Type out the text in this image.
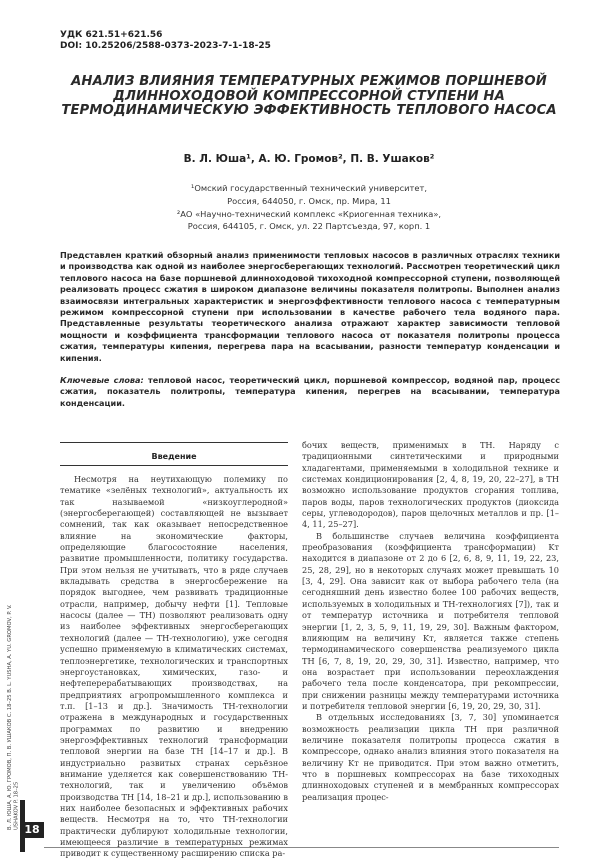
УДК 621.51+621.56
DOI: 10.25206/2588-0373-2023-7-1-18-25
АНАЛИЗ ВЛИЯНИЯ ТЕМПЕРАТУРНЫХ РЕЖИМОВ ПОРШНЕВОЙ ДЛИННОХОДОВОЙ КОМПРЕССОРНОЙ СТУПЕНИ НА ТЕРМОДИНАМИЧЕСКУЮ ЭФФЕКТИВНОСТЬ ТЕПЛОВОГО НАСОСА
В. Л. Юша¹, А. Ю. Громов², П. В. Ушаков²
¹Омский государственный технический университет,
Россия, 644050, г. Омск, пр. Мира, 11
²АО «Научно-технический комплекс «Криогенная техника»,
Россия, 644105, г. Омск, ул. 22 Партсъезда, 97, корп. 1
Представлен краткий обзорный анализ применимости тепловых насосов в различных отраслях техники и производства как одной из наиболее энергосберегающих технологий. Рассмотрен теоретический цикл теплового насоса на базе поршневой длинноходовой тихоходной компрессорной ступени, позволяющей реализовать процесс сжатия в широком диапазоне величины показателя политропы. Выполнен анализ взаимосвязи интегральных характеристик и энергоэффективности теплового насоса с температурным режимом компрессорной ступени при использовании в качестве рабочего тела водяного пара. Представленные результаты теоретического анализа отражают характер зависимости тепловой мощности и коэффициента трансформации теплового насоса от показателя политропы процесса сжатия, температуры кипения, перегрева пара на всасывании, разности температур конденсации и кипения.
Ключевые слова: тепловой насос, теоретический цикл, поршневой компрессор, водяной пар, процесс сжатия, показатель политропы, температура кипения, перегрев на всасывании, температура конденсации.
Введение

Несмотря на неутихающую полемику по тематике «зелёных технологий», актуальность их так называемой «низкоуглеродной» (энергосберегающей) составляющей не вызывает сомнений, так как оказывает непосредственное влияние на экономические факторы, определяющие благосостояние населения, развитие промышленности, политику государства. При этом нельзя не учитывать, что в ряде случаев вкладывать средства в энергосбережение на порядок выгоднее, чем развивать традиционные отрасли, например, добычу нефти [1]. Тепловые насосы (далее — ТН) позволяют реализовать одну из наиболее эффективных энергосберегающих технологий (далее — ТН-технологию), уже сегодня успешно применяемую в климатических системах, теплоэнергетике, технологических и транспортных энергоустановках, химических, газо- и нефтеперерабатывающих производствах, на предприятиях агропромышленного комплекса и т.п. [1–13 и др.]. Значимость ТН-технологии отражена в международных и государственных программах по развитию и внедрению энергоэффективных технологий трансформации тепловой энергии на базе ТН [14–17 и др.]. В индустриально развитых странах серьёзное внимание уделяется как совершенствованию ТН-технологий, так и увеличению объёмов производства ТН [14, 18–21 и др.], использованию в них наиболее безопасных и эффективных рабочих веществ. Несмотря на то, что ТН-технологии практически дублируют холодильные технологии, имеющееся различие в температурных режимах приводит к существенному расширению списка ра-

бочих веществ, применимых в ТН. Наряду с традиционными синтетическими и природными хладагентами, применяемыми в холодильной технике и системах кондиционирования [2, 4, 8, 19, 20, 22–27], в ТН возможно использование продуктов сгорания топлива, паров воды, паров технологических продуктов (диоксида серы, углеводородов), паров щелочных металлов и пр. [1–4, 11, 25–27].

В большинстве случаев величина коэффициента преобразования (коэффициента трансформации) Kт находится в диапазоне от 2 до 6 [2, 6, 8, 9, 11, 19, 22, 23, 25, 28, 29], но в некоторых случаях может превышать 10 [3, 4, 29]. Она зависит как от выбора рабочего тела (на сегодняшний день известно более 100 рабочих веществ, используемых в холодильных и ТН-технологиях [7]), так и от температур источника и потребителя тепловой энергии [1, 2, 3, 5, 9, 11, 19, 29, 30]. Важным фактором, влияющим на величину Kт, является также степень термодинамического совершенства реализуемого цикла ТН [6, 7, 8, 19, 20, 29, 30, 31]. Известно, например, что она возрастает при использовании переохлаждения рабочего тела после конденсатора, при рекомпрессии, при снижении разницы между температурами источника и потребителя тепловой энергии [6, 19, 20, 29, 30, 31].

В отдельных исследованиях [3, 7, 30] упоминается возможность реализации цикла ТН при различной величине показателя политропы процесса сжатия в компрессоре, однако анализ влияния этого показателя на величину Kт не приводится. При этом важно отметить, что в поршневых компрессорах на базе тихоходных длинноходовых ступеней и в мембранных компрессорах реализация процес-

В. Л. ЮША, А. Ю. ГРОМОВ, П. В. УШАКОВ С. 18–25 В. L. YUSHA, A. YU. GROMOV, P. V. USHAKOV P. 18–25 18
